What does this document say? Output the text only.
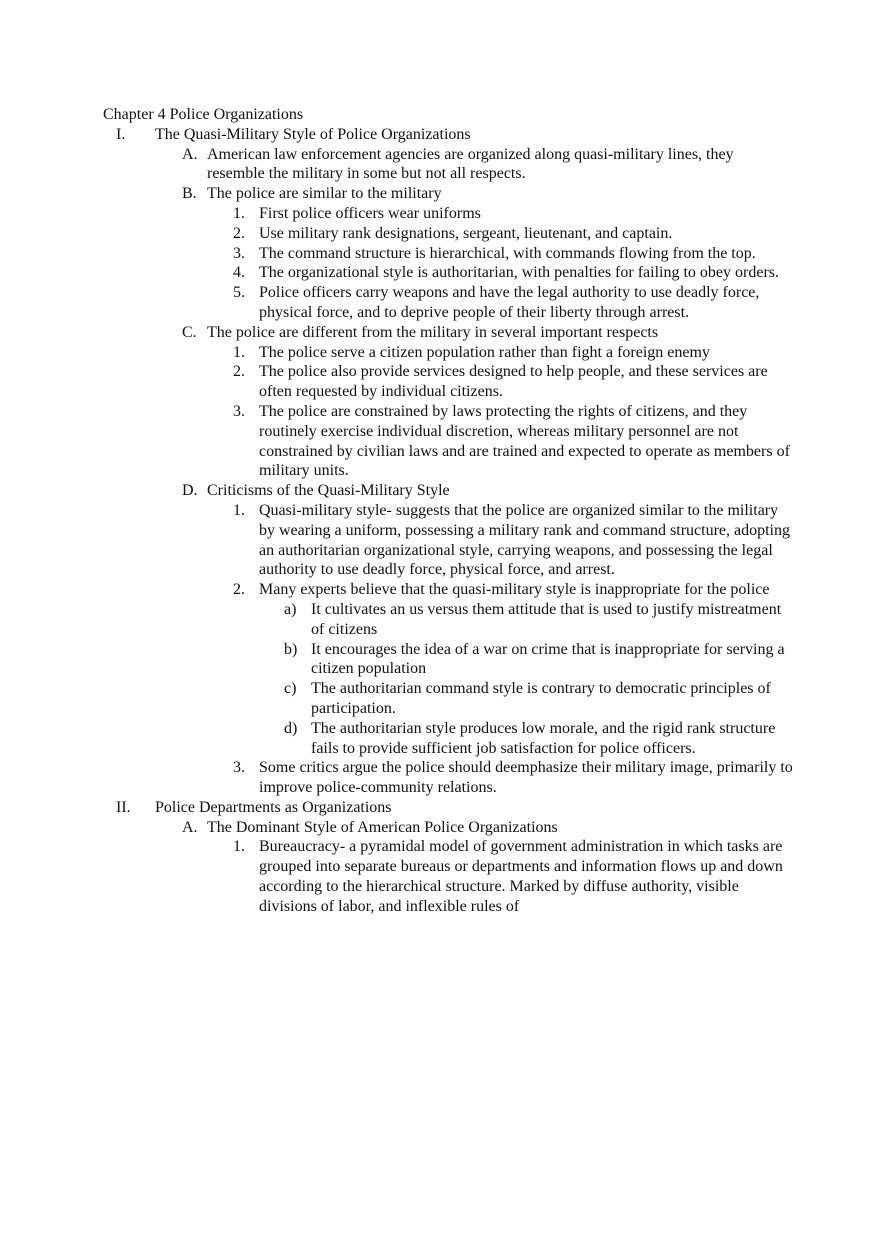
Chapter 4 Police Organizations
I.	The Quasi-Military Style of Police Organizations
A. American law enforcement agencies are organized along quasi-military lines, they resemble the military in some but not all respects.
B. The police are similar to the military
1. First police officers wear uniforms
2. Use military rank designations, sergeant, lieutenant, and captain.
3. The command structure is hierarchical, with commands flowing from the top.
4. The organizational style is authoritarian, with penalties for failing to obey orders.
5. Police officers carry weapons and have the legal authority to use deadly force, physical force, and to deprive people of their liberty through arrest.
C. The police are different from the military in several important respects
1. The police serve a citizen population rather than fight a foreign enemy
2. The police also provide services designed to help people, and these services are often requested by individual citizens.
3. The police are constrained by laws protecting the rights of citizens, and they routinely exercise individual discretion, whereas military personnel are not constrained by civilian laws and are trained and expected to operate as members of military units.
D. Criticisms of the Quasi-Military Style
1. Quasi-military style- suggests that the police are organized similar to the military by wearing a uniform, possessing a military rank and command structure, adopting an authoritarian organizational style, carrying weapons, and possessing the legal authority to use deadly force, physical force, and arrest.
2. Many experts believe that the quasi-military style is inappropriate for the police
a) It cultivates an us versus them attitude that is used to justify mistreatment of citizens
b) It encourages the idea of a war on crime that is inappropriate for serving a citizen population
c) The authoritarian command style is contrary to democratic principles of participation.
d) The authoritarian style produces low morale, and the rigid rank structure fails to provide sufficient job satisfaction for police officers.
3. Some critics argue the police should deemphasize their military image, primarily to improve police-community relations.
II.	Police Departments as Organizations
A. The Dominant Style of American Police Organizations
1. Bureaucracy- a pyramidal model of government administration in which tasks are grouped into separate bureaus or departments and information flows up and down according to the hierarchical structure. Marked by diffuse authority, visible divisions of labor, and inflexible rules of
